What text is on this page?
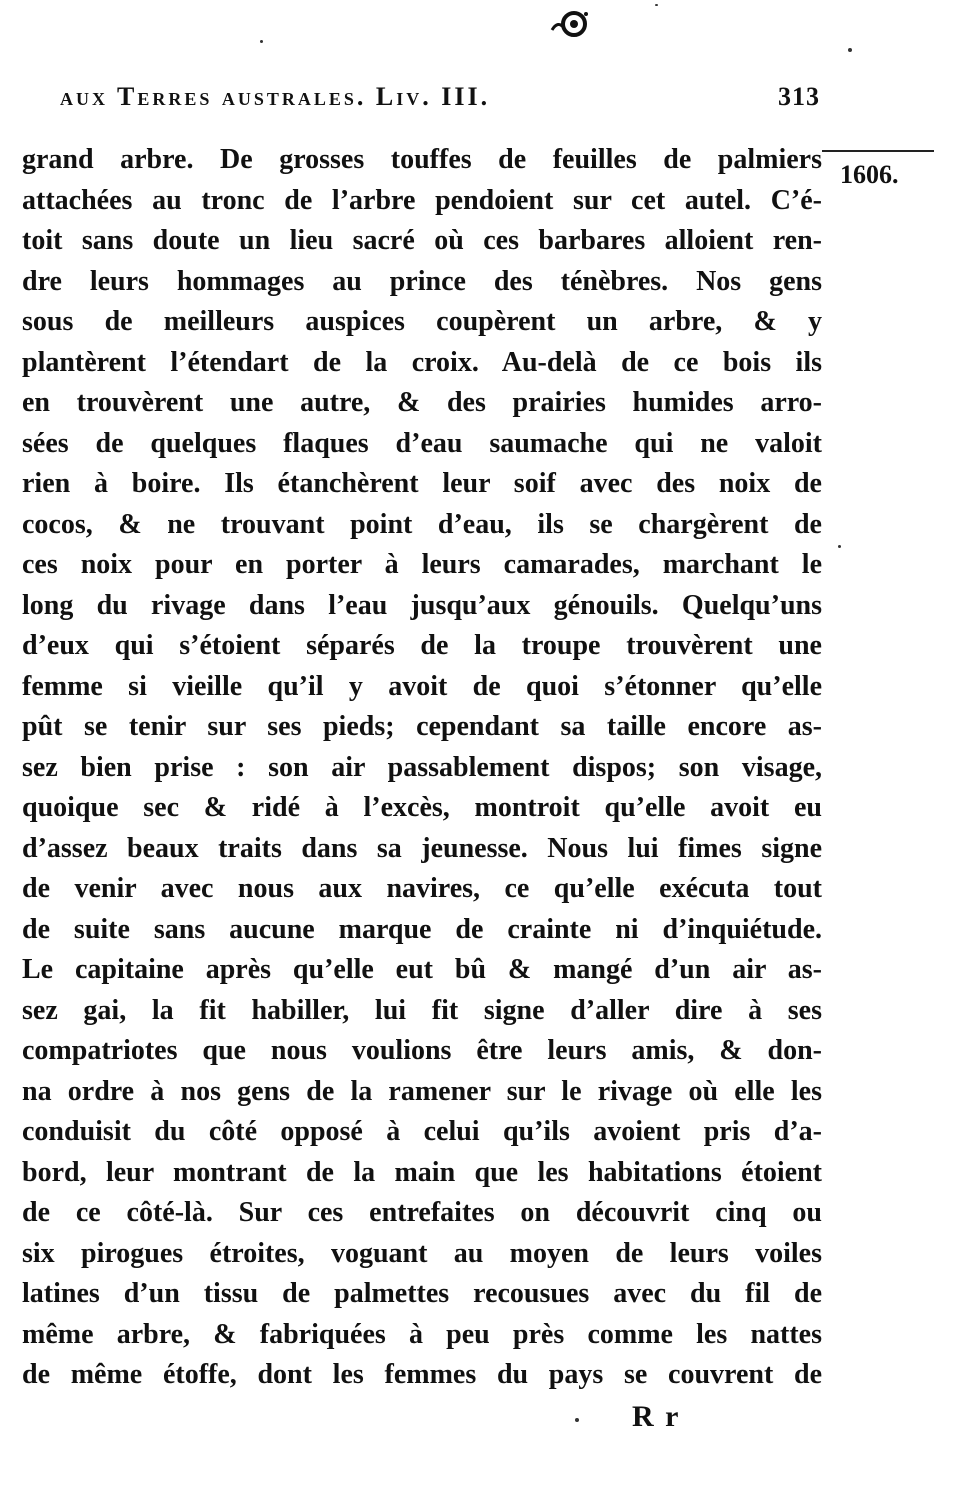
aux Terres australes. Liv. III.	313
1606.
grand arbre. De grosses touffes de feuilles de palmiers
attachées au tronc de l’arbre pendoient sur cet autel. C’é-
toit sans doute un lieu sacré où ces barbares alloient ren-
dre leurs hommages au prince des ténèbres. Nos gens
sous de meilleurs auspices coupèrent un arbre, & y
plantèrent l’étendart de la croix. Au-delà de ce bois ils
en trouvèrent une autre, & des prairies humides arro-
sées de quelques flaques d’eau saumache qui ne valoit
rien à boire. Ils étanchèrent leur soif avec des noix de
cocos, & ne trouvant point d’eau, ils se chargèrent de
ces noix pour en porter à leurs camarades, marchant le
long du rivage dans l’eau jusqu’aux génouils. Quelqu’uns
d’eux qui s’étoient séparés de la troupe trouvèrent une
femme si vieille qu’il y avoit de quoi s’étonner qu’elle
pût se tenir sur ses pieds; cependant sa taille encore as-
sez bien prise : son air passablement dispos; son visage,
quoique sec & ridé à l’excès, montroit qu’elle avoit eu
d’assez beaux traits dans sa jeunesse. Nous lui fimes signe
de venir avec nous aux navires, ce qu’elle exécuta tout
de suite sans aucune marque de crainte ni d’inquiétude.
Le capitaine après qu’elle eut bû & mangé d’un air as-
sez gai, la fit habiller, lui fit signe d’aller dire à ses
compatriotes que nous voulions être leurs amis, & don-
na ordre à nos gens de la ramener sur le rivage où elle les
conduisit du côté opposé à celui qu’ils avoient pris d’a-
bord, leur montrant de la main que les habitations étoient
de ce côté-là. Sur ces entrefaites on découvrit cinq ou
six pirogues étroites, voguant au moyen de leurs voiles
latines d’un tissu de palmettes recousues avec du fil de
même arbre, & fabriquées à peu près comme les nattes
de même étoffe, dont les femmes du pays se couvrent de
R r
